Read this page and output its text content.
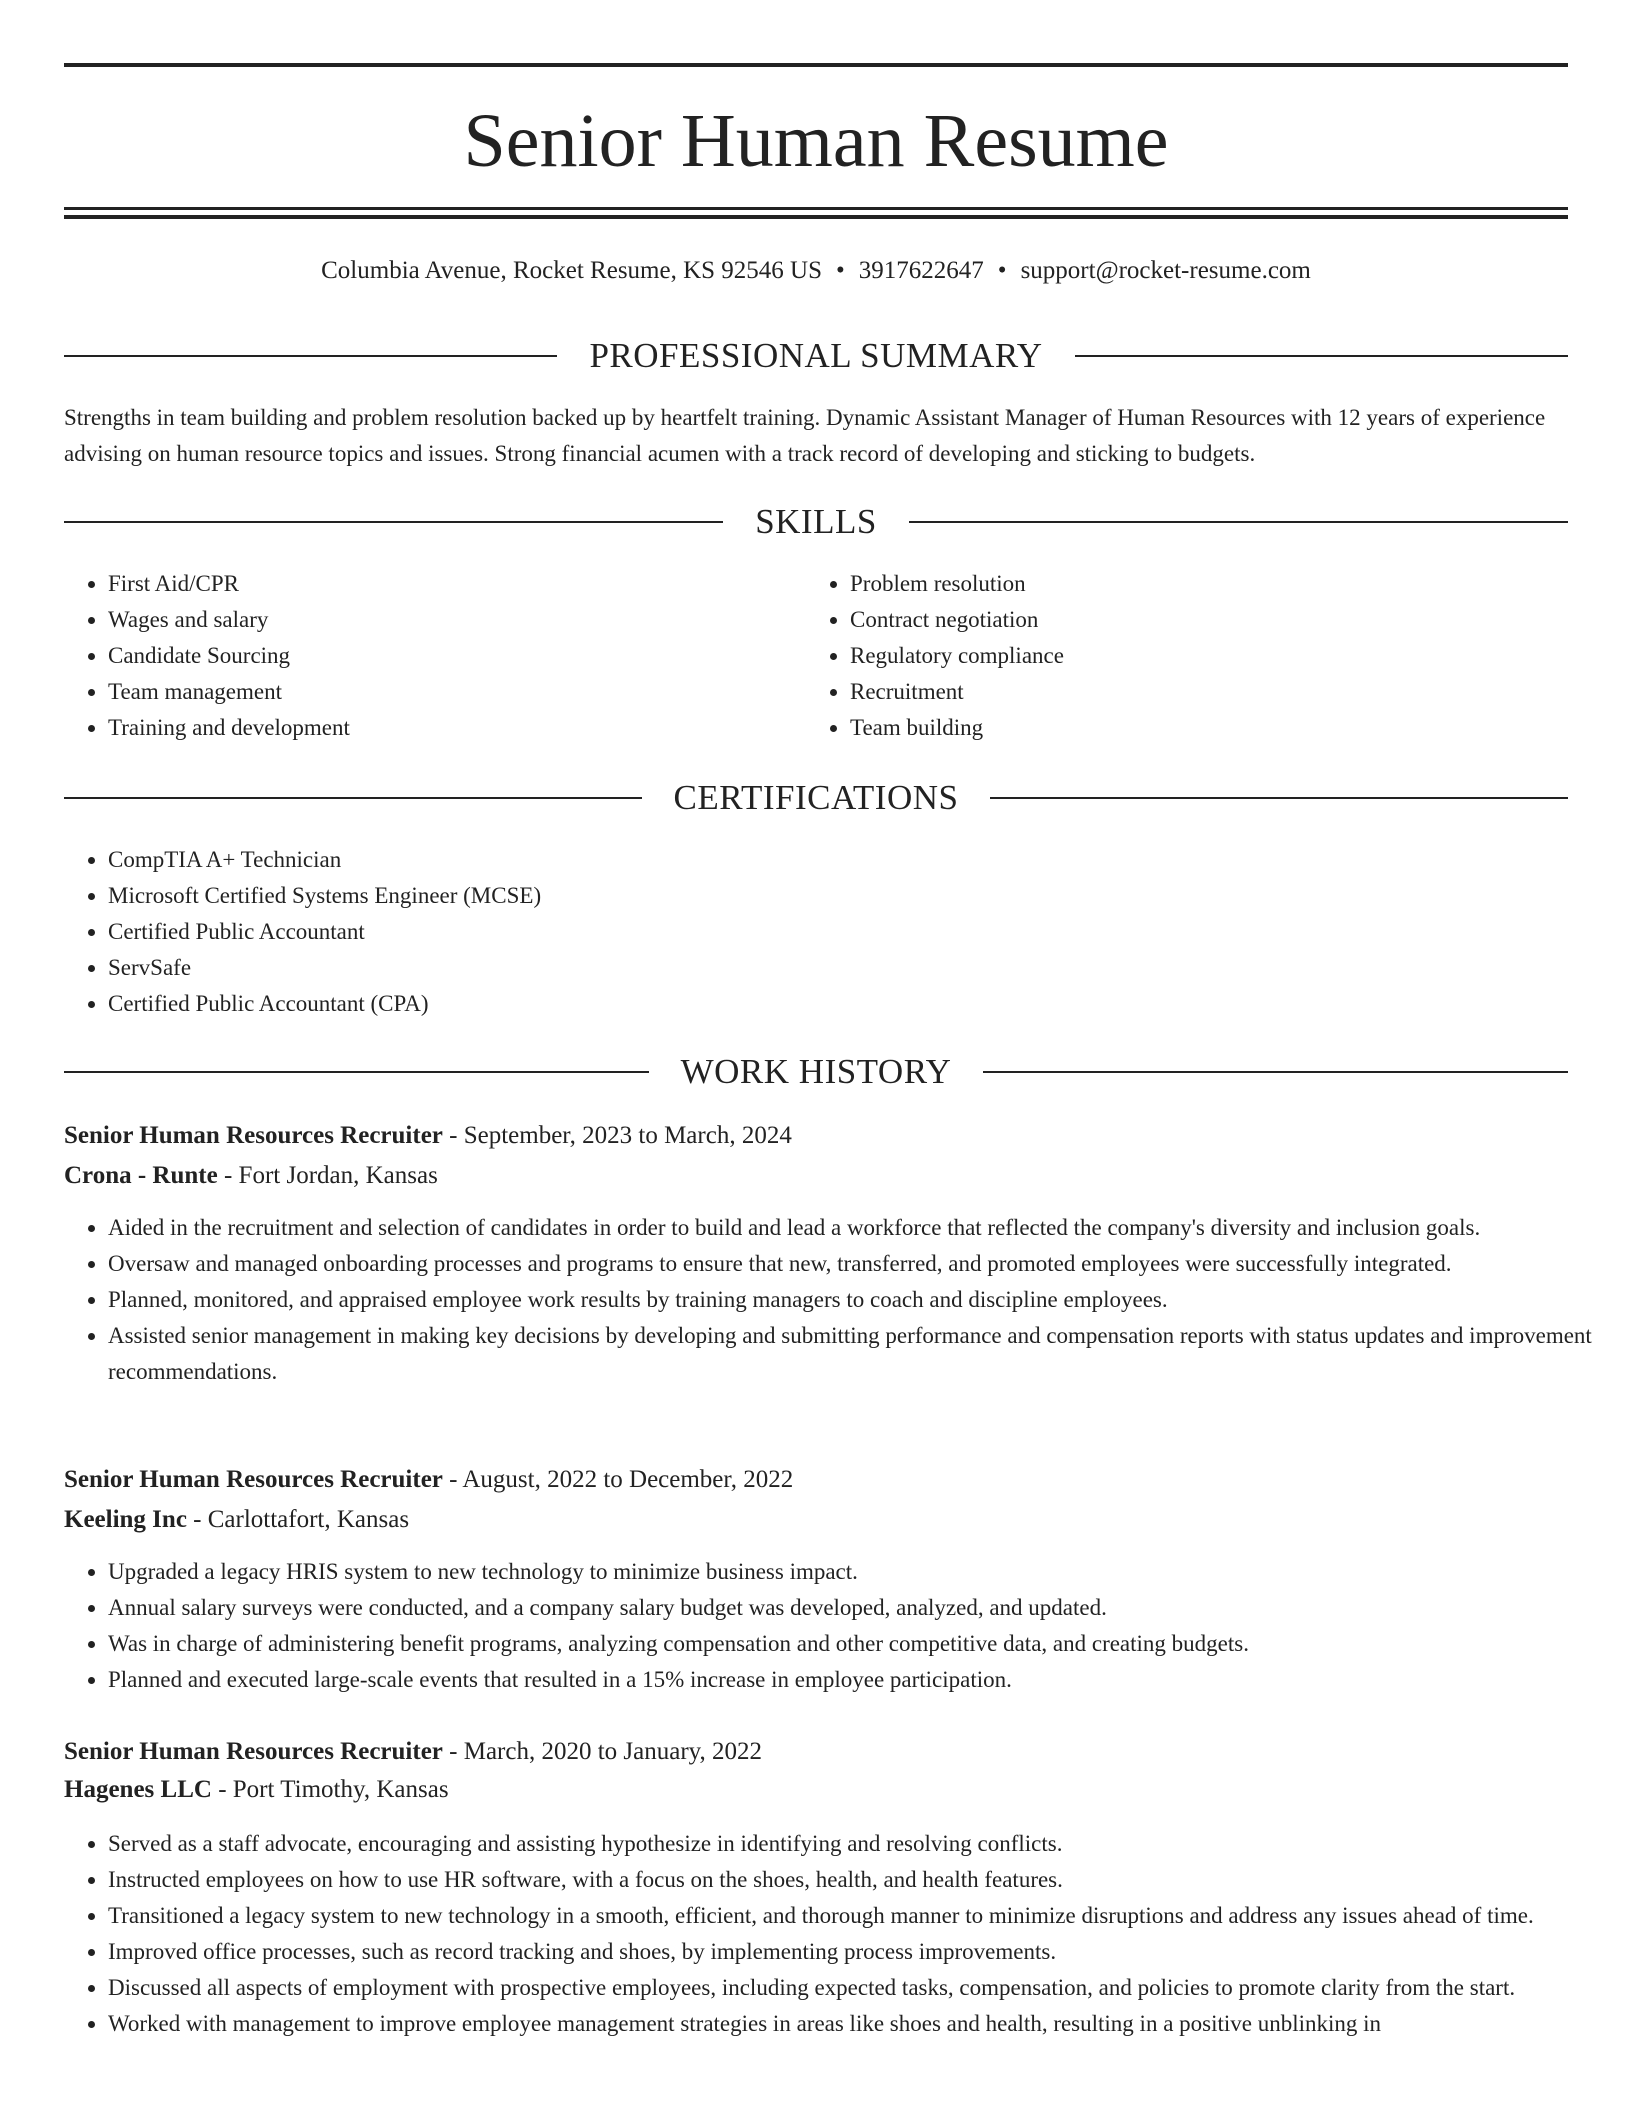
Senior Human Resume
Columbia Avenue, Rocket Resume, KS 92546 US • 3917622647 • support@rocket-resume.com
PROFESSIONAL SUMMARY
Strengths in team building and problem resolution backed up by heartfelt training. Dynamic Assistant Manager of Human Resources with 12 years of experience advising on human resource topics and issues. Strong financial acumen with a track record of developing and sticking to budgets.
SKILLS
• First Aid/CPR
• Wages and salary
• Candidate Sourcing
• Team management
• Training and development
• Problem resolution
• Contract negotiation
• Regulatory compliance
• Recruitment
• Team building
CERTIFICATIONS
• CompTIA A+ Technician
• Microsoft Certified Systems Engineer (MCSE)
• Certified Public Accountant
• ServSafe
• Certified Public Accountant (CPA)
WORK HISTORY
Senior Human Resources Recruiter - September, 2023 to March, 2024
Crona - Runte - Fort Jordan, Kansas
• Aided in the recruitment and selection of candidates in order to build and lead a workforce that reflected the company's diversity and inclusion goals.
• Oversaw and managed onboarding processes and programs to ensure that new, transferred, and promoted employees were successfully integrated.
• Planned, monitored, and appraised employee work results by training managers to coach and discipline employees.
• Assisted senior management in making key decisions by developing and submitting performance and compensation reports with status updates and improvement recommendations.
Senior Human Resources Recruiter - August, 2022 to December, 2022
Keeling Inc - Carlottafort, Kansas
• Upgraded a legacy HRIS system to new technology to minimize business impact.
• Annual salary surveys were conducted, and a company salary budget was developed, analyzed, and updated.
• Was in charge of administering benefit programs, analyzing compensation and other competitive data, and creating budgets.
• Planned and executed large-scale events that resulted in a 15% increase in employee participation.
Senior Human Resources Recruiter - March, 2020 to January, 2022
Hagenes LLC - Port Timothy, Kansas
• Served as a staff advocate, encouraging and assisting hypothesize in identifying and resolving conflicts.
• Instructed employees on how to use HR software, with a focus on the shoes, health, and health features.
• Transitioned a legacy system to new technology in a smooth, efficient, and thorough manner to minimize disruptions and address any issues ahead of time.
• Improved office processes, such as record tracking and shoes, by implementing process improvements.
• Discussed all aspects of employment with prospective employees, including expected tasks, compensation, and policies to promote clarity from the start.
• Worked with management to improve employee management strategies in areas like shoes and health, resulting in a positive unblinking in
